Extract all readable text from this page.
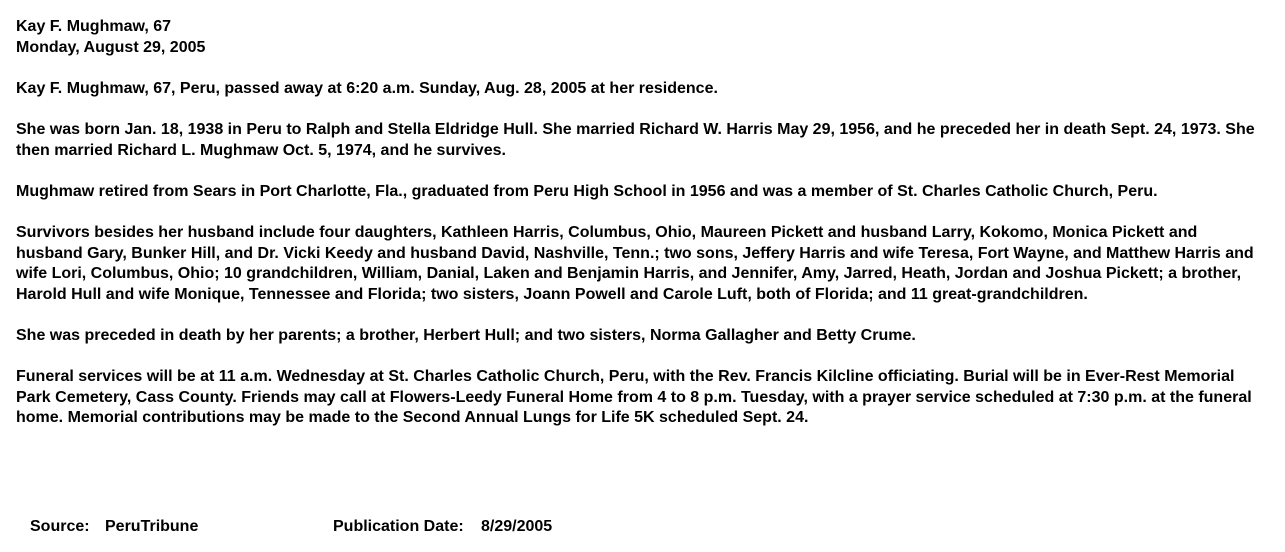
Kay F. Mughmaw, 67
Monday, August 29, 2005

Kay F. Mughmaw, 67, Peru, passed away at 6:20 a.m. Sunday, Aug. 28, 2005 at her residence.

She was born Jan. 18, 1938 in Peru to Ralph and Stella Eldridge Hull. She married Richard W. Harris May 29, 1956, and he preceded her in death Sept. 24, 1973. She then married Richard L. Mughmaw Oct. 5, 1974, and he survives.

Mughmaw retired from Sears in Port Charlotte, Fla., graduated from Peru High School in 1956 and was a member of St. Charles Catholic Church, Peru.

Survivors besides her husband include four daughters, Kathleen Harris, Columbus, Ohio, Maureen Pickett and husband Larry, Kokomo, Monica Pickett and husband Gary, Bunker Hill, and Dr. Vicki Keedy and husband David, Nashville, Tenn.; two sons, Jeffery Harris and wife Teresa, Fort Wayne, and Matthew Harris and wife Lori, Columbus, Ohio; 10 grandchildren, William, Danial, Laken and Benjamin Harris, and Jennifer, Amy, Jarred, Heath, Jordan and Joshua Pickett; a brother, Harold Hull and wife Monique, Tennessee and Florida; two sisters, Joann Powell and Carole Luft, both of Florida; and 11 great-grandchildren.

She was preceded in death by her parents; a brother, Herbert Hull; and two sisters, Norma Gallagher and Betty Crume.

Funeral services will be at 11 a.m. Wednesday at St. Charles Catholic Church, Peru, with the Rev. Francis Kilcline officiating. Burial will be in Ever-Rest Memorial Park Cemetery, Cass County. Friends may call at Flowers-Leedy Funeral Home from 4 to 8 p.m. Tuesday, with a prayer service scheduled at 7:30 p.m. at the funeral home. Memorial contributions may be made to the Second Annual Lungs for Life 5K scheduled Sept. 24.

Source: PeruTribune	Publication Date: 8/29/2005
